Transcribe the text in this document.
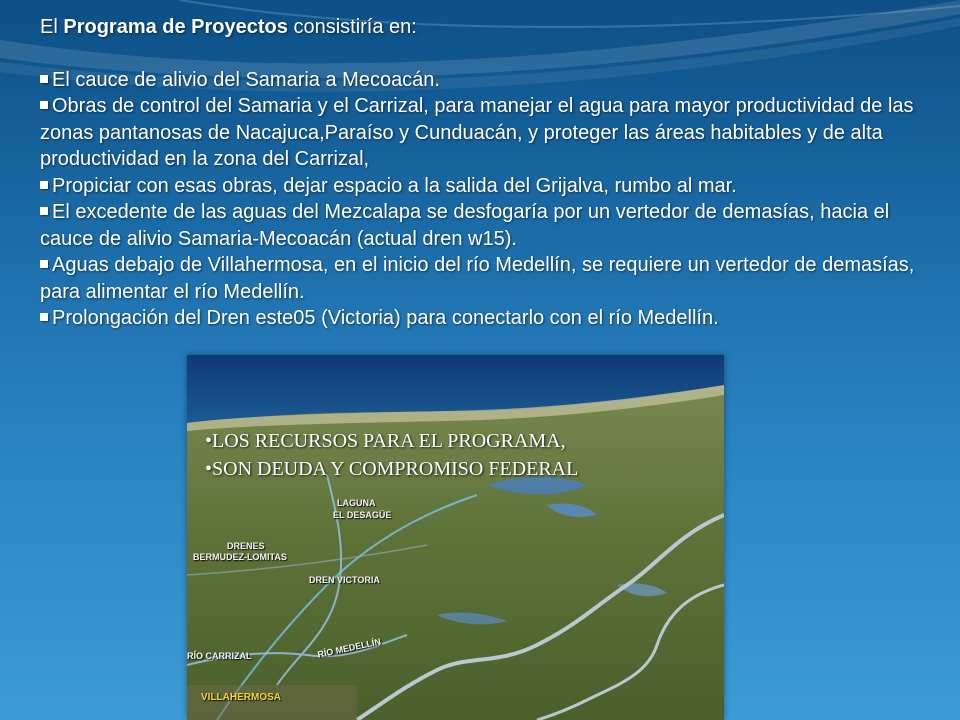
El Programa de Proyectos consistiría en:

El cauce de alivio del Samaria a Mecoacán.

Obras de control del Samaria y el Carrizal, para manejar el agua para mayor productividad de las zonas pantanosas de Nacajuca,Paraíso y Cunduacán, y proteger las áreas habitables y de alta productividad en la zona del Carrizal,

Propiciar con esas obras, dejar espacio a la salida del Grijalva, rumbo al mar.

El excedente de las aguas del Mezcalapa se desfogaría por un vertedor de demasías, hacia el cauce de alivio Samaria-Mecoacán (actual dren w15).

Aguas debajo de Villahermosa, en el inicio del río Medellín, se requiere un vertedor de demasías, para alimentar el río Medellín.

Prolongación del Dren este05 (Victoria) para conectarlo con el río Medellín.

•LOS RECURSOS PARA EL PROGRAMA,
•SON DEUDA Y COMPROMISO FEDERAL
LAGUNA
EL DESAGÜE
DRENES
BERMUDEZ-LOMITAS
DREN VICTORIA
RÍO CARRIZAL	RÍO MEDELLÍN
VILLAHERMOSA
